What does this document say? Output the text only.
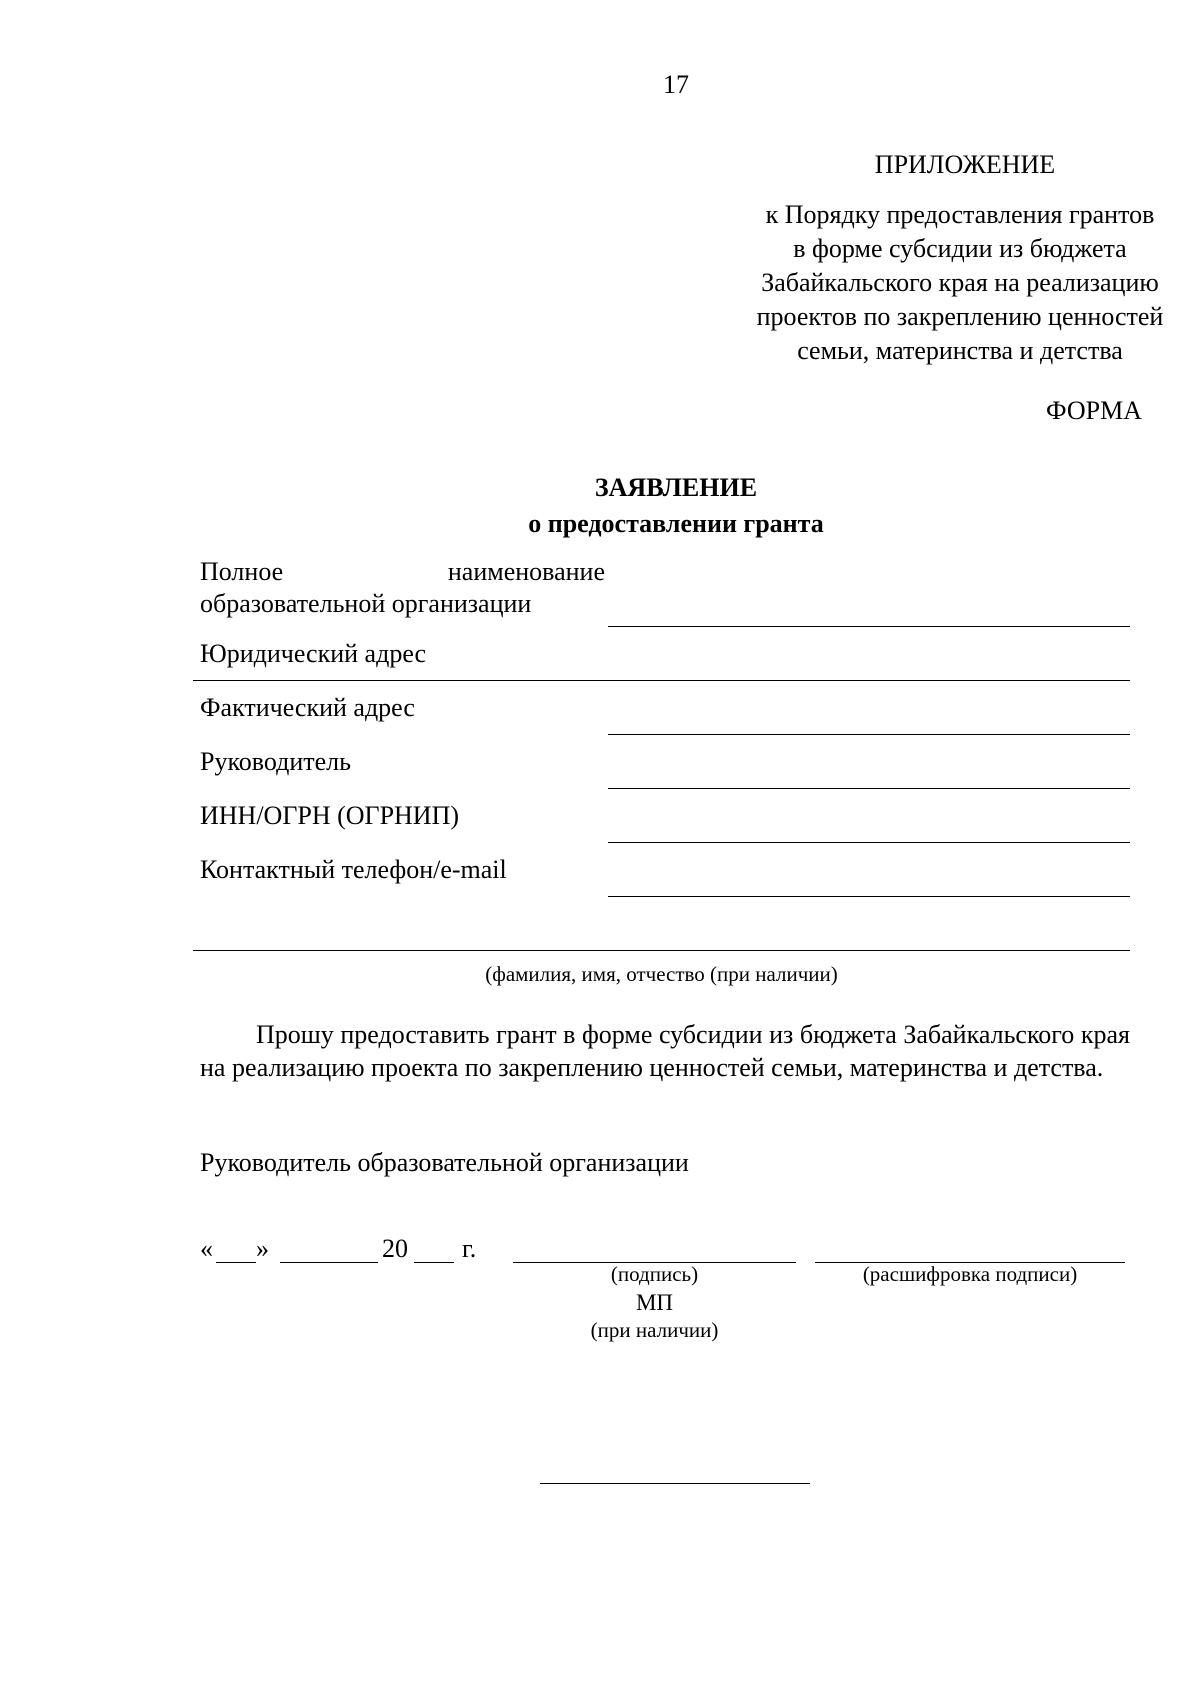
17
ПРИЛОЖЕНИЕ
к Порядку предоставления грантов
в форме субсидии из бюджета
Забайкальского края на реализацию
проектов по закреплению ценностей
семьи, материнства и детства
ФОРМА
ЗАЯВЛЕНИЕ
о предоставлении гранта
Полное наименование
образовательной организации
Юридический адрес
Фактический адрес
Руководитель
ИНН/ОГРН (ОГРНИП)
Контактный телефон/e-mail
(фамилия, имя, отчество (при наличии)
Прошу предоставить грант в форме субсидии из бюджета Забайкальского края на реализацию проекта по закреплению ценностей семьи, материнства и детства.
Руководитель образовательной организации
« »	20 г.
(подпись)	(расшифровка подписи)
МП
(при наличии)
